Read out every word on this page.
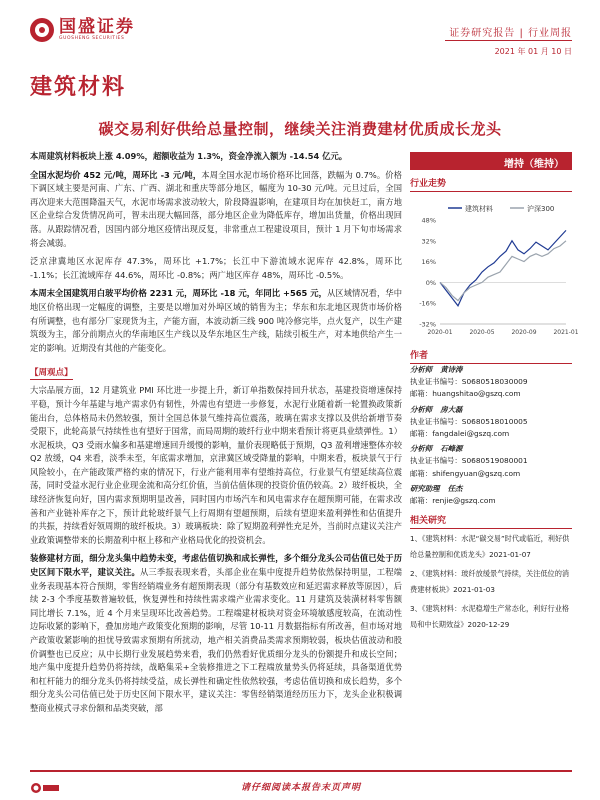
国盛证券
GUOSHENG SECURITIES	证券研究报告 | 行业周报
2021 年 01 月 10 日
建筑材料
碳交易利好供给总量控制，继续关注消费建材优质成长龙头

本周建筑材料板块上涨 4.09%，超额收益为 1.3%，资金净流入额为 -14.54 亿元。

全国水泥均价 452 元/吨，周环比 -3 元/吨，本周全国水泥市场价格环比回落，跌幅为 0.7%。价格下调区域主要是河南、广东、广西、湖北和重庆等部分地区，幅度为 10-30 元/吨。元旦过后，全国再次迎来大范围降温天气，水泥市场需求波动较大，阶段降温影响，在建项目均在加快赶工，南方地区企业综合发货情况尚可，智未出现大幅回落，部分地区企业为降低库存，增加出货量，价格出现回落。从跟踪情况看，因国内部分地区疫情出现反复，非常重点工程建设项目，预计 1 月下旬市场需求将会减弱。

泛京津冀地区水泥库存 47.3%，周环比 +1.7%；长江中下游流域水泥库存 42.8%，周环比 -1.1%；长江流域库存 44.6%，周环比 -0.8%；两广地区库存 48%，周环比 -0.5%。

本周末全国建筑用白玻平均价格 2231 元，周环比 -18 元，年同比 +565 元，从区域情况看，华中地区价格出现一定幅度的调整，主要是以增加对外埠区域的销售为主；华东和东北地区现货市场价格有所调整，也有部分厂家现货为主，产能方面，本波动新三线 900 吨冷修完毕，点火复产，以生产建筑级为主，部分前期点火的华南地区生产线以及华东地区生产线，陆续引板生产，对本地供给产生一定的影响。近期没有其他的产能变化。

【周观点】

大宗品展方面，12 月建筑业 PMI 环比进一步提上升，新订单指数保持回升状态，基建投资增速保持平稳，预计今年基建与地产需求仍有韧性，外需也有望进一步修复，水泥行业随着新一轮置换政策新能出台，总体格局未仍然较强，预计全国总体景气维持高位震荡，玻璃在需求支撑以及供给新增节奏受限下，此轮高景气持续性也有望好于国常，而局周期的玻纤行业中期来看预计将更具业绩弹性。1）水泥板块，Q3 受雨水偏多和基建增速回升缓慢的影响，量价表现略低于预期，Q3 盈利增速整体亦较 Q2 放缓，Q4 来看，淡季未至，年底需求增加，京津冀区域受降量的影响，中期来看，板块景气于行风险较小，在产能政策严格约束的情况下，行业产能利用率有望维持高位，行业景气有望延续高位震荡，同时受益水泥行业企业现金流和高分红价值，当前估值体现的投资价值仍较高。2）玻纤板块，全球经济恢复向好，国内需求预期明显改善，同时国内市场汽车和风电需求存在超预期可能，在需求改善和产业链补库存之下，预计此轮玻纤景气上行周期有望超预期，后续有望迎来盈利弹性和估值提升的共振，持续看好领周期的玻纤板块。3）玻璃板块：除了短期盈利弹性充足外，当前时点建议关注产业政策调整带来的长期盈利中枢上移和产业格局优化的投资机会。

装修建材方面，细分龙头集中趋势未变，考虑估值切换和成长弹性，多个细分龙头公司估值已处于历史区间下限水平，建议关注。从三季报表现来看，头部企业在集中度提升趋势依然保持明显，工程端业务表现基本符合预期，零售经销端业务有超预期表现（部分有基数效应和延迟需求释放等原因），后续 2-3 个季度基数普遍较低，恢复弹性和持续性需求端产业需求变化。11 月建筑及装潢材料零售额同比增长 7.1%，近 4 个月来呈现环比改善趋势。工程端建材板块对资金环境敏感度较高，在流动性边际收紧的影响下，叠加房地产政策变化预期的影响，尽管 10-11 月数据指标有所改善，但市场对地产政策收紧影响的担忧导致需求预期有所扰动，地产相关消费品类需求预期较弱，板块估值波动和股价调整也已反应；从中长期行业发展趋势来看，我们仍然看好优质细分龙头的份额提升和成长空间；地产集中度提升趋势仍将持续，战略集采+全装修推进之下工程端放量势头仍将延续，具备渠道优势和杠杆能力的细分龙头仍将持续受益，成长弹性和确定性依然较强，考虑估值切换和成长趋势，多个细分龙头公司估值已处于历史区间下限水平，建议关注：零售经销渠道经历压力下，龙头企业积极调整商业模式寻求份额和品类突破，部

增持（维持）
行业走势
建筑材料	沪深300
48%
32%
16%
0%
-16%
-32%
2020-01	2020-05	2020-09	2021-01
作者
分析师 黄诗涛
执业证书编号：S0680518030009
邮箱：huangshitao@gszq.com
分析师 房大磊
执业证书编号：S0680518010005
邮箱：fangdalei@gszq.com
分析师 石峰源
执业证书编号：S0680519080001
邮箱：shifengyuan@gszq.com
研究助理 任杰
邮箱：renjie@gszq.com
相关研究
1、《建筑材料：水泥“碳交易”时代或临近，利好供给总量控制和优质龙头》2021-01-07
2、《建筑材料：玻纤放缓景气持续，关注低位的消费建材板块》2021-01-03
3、《建筑材料：水泥稳增生产常态化，利好行业格局和中长期效益》2020-12-29
请仔细阅读本报告末页声明
